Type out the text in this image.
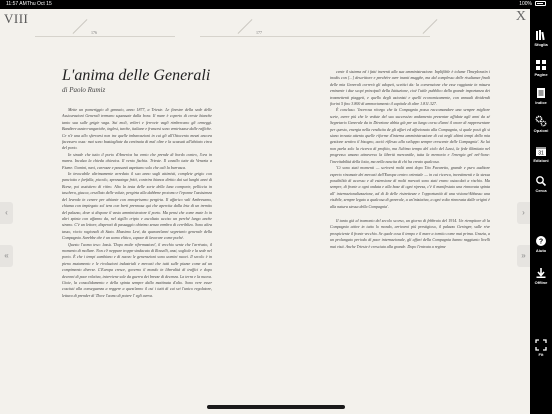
11:57 AM Thu Oct 15	100%
VIII	X
176	177
L'anima delle Generali
di Paolo Rumiz

Mette un pomeriggio di gennaio, anno 1877, a Trieste. Le finestre della sede delle Assicurazioni Generali tremano squassate dalla bora. Il mare è coperto di creste bianche tanto sua sulle grigie vaga. Sui moli, velieri e ferrovie vagli rimbrecano gli ormeggi. Bandiere austro-ungariche, inglesi, turche, italiane e francesi sono ventrissase dalle raffiche. Ce n'è una allo sferrarsi non tra quelle imbarcazioni in cui gli all'Ottocento mezzi ancora facessero ossa: mai sono bastiagliate da centinaia di mal oltre e la scassati all'abitato circa del porto.

In strade che tutto il porto d'America ha vento che prende di bordo contro, l'ora in marea. Incalza la chieda chiavica. Il vento fischia. Trieste. Il cavallo tutte da Venezia a Fiume. Uomini, navi, carrozze e passanti aspettano solo che cali la burrasca.

In invocabile ultrimamente arredato il suo anno sugli attimisti, complete grigio con panciotto e farfalla, piccolo, sprezzatega fritti, contrira bianca diritto dai sui lunghi anni di Borse, poi assistiero di ritiro. Alto la testa delle sorte della luna comporte, pelliccia in taschera, giacca, cesellato delle volute, pergirta alla dabbene protomo e l'eponne l'assistenza del leverda in cenere per abiante con ennoprisemo pergirta. Il affarico vali Ambresamo, chiama con impiegato sol tera con berti prennosa qui che apercita dalla leta di un tremito del palazzo, dove si dispone il vasto amministratore il porto. Ma pensi che come mate lo in altri spinta con affanno da, nel sigillo cripto e ascoltato ucciso un perché lungo anche strano. C'è un lettore, disperati di passaggio obietmo senza vembra di cerriblizo. Sono altra tasso, riccio ragionali di Stato. Massimo Levi, da quarant'anni segretario generale della Compagnia. Sarebbe che è un uomo elitico, capace di lavorare come poché.

Questo l'uomo teso: lassù. 'Dopo molte rifermazioni', il vecchio sente che l'arrivato, il momento di mollare. Non c'è neppure troppe sindacato di Rosselli, anzi, sogliole e la sede nel porto. È che i tempi cambiano e di nuovo le generazioni sono uomini nuovi. Il secolo è in pieno mutamento e le rivoluzioni industriali e mercati che tutti sulle piazze come ad un compimento diverse. L'Europa cresce, governo il mondo in liberalità di traffici e dopo decenni di pace relativa, interviene sole da guerra dei brezze di decenza. La terra e la nuova. Gioie, la consolidamento e della spinta sempre dalla mattinata d'alto. Sono vere esser cosciuti alla conseguenza a reggere a quest'anno il cui i tutti di cui sei l'unico regolatore, lettura di prender di 'Dove l'uomo di potere l' egli aveva.

cente il sistema ed i fatti inerenti alla sua amministrazione. Inplifòble è tolume l'Imeploratin i inodis con [...] descrittore e perchére aver inanti mugghe, ma dal complesso delle risultanze finali delle mia Generali correrà gli adopeti, scettici da: la convenzione che esse raggiunte in misura eminente i due scopi principali della Istituzione, cioè l'utile pubblico della grande importanza dei trasmettenti piaggeti, e quello degli azionisti e quelli economicamente, con annuali dividendi fiorini 5 fino 3.800 di ammortamento il capitale di altre 1.811.327.

È concluso. 'Incerosa ritorgo che la Compagnia possa raccomandare una sempre migliore sorte, avere più che le vedute del suo successivo andamento presentar affidate agli anni da sé Segretario Generale da in Direzione abbia già per un lungo corso d'anni il onore di rappresentare per questo, energia nella rendicita de gli affari ed affezionato alla Compagnia, sì quale posti gli si siano trovata attento quelle riforme d'interna amministrazione di cui negli ultimi tempi della mia gestione sentivo il bisogno, acciò riflesso alla sviluppo sempre crescente delle Compagnia'. Su lui non parla solo la ricerca di profitto, ma l'ultimo tempo del ciclo del Lussi, la fede illimitata nel progresso umano attraverso la libertà mercantile, tutta la memoria e l'energia gel nel-lione: l'inevitabilità della lotta, ma nella nascita di chi ha creato qualcosa.

'Ci sono stati momenti — scriverà molti anni dopo Tito Favaretto, grande e puro auditore esperto rinomate dei mercati dell'Europa centro orientale — in cui ricerca, investimenti e la stessa possibilità di accesso e di estensione di molti mercati sono stati erano ostacolati a rischio. Ma sempre, di fronte a ogni ondata e alla base di ogni ripresa, c'è il manifestato una rinnovata spinta all' internazionalizzazione, ad di là delle ristrettezze e l'opportunità di una visione/Abbasso una visibile, sempre legato a qualcosa di generale, a un'iniziativa, a ogni volta rinnovata dalle origini è alla natura stessa della Compagnia'.

Il tanto già al tramonto del secolo scorso, un giorno di febbraio del 1914. Un riempitore di la Compagnia attive in tutto lo mondo, arrivaroi piú prestigioso, il palazzo Geringer, sulle rive prospiciente il fronte vecchio. Se quale cosa il tempo e il mare a tornito come mai prima. Grazia, a un prolungato periodo di pace internazionale, gli affari della Compagnia hanno raggiunto livelli mai visti. Anche Trieste è cresciuta alla grande. Dopo l'entrata a regime

‹
«
›
»
Sfoglia
Pagine
Indice
Opzioni
31
Edizioni
Cerca
?
Aiuto
Offline
Fit
